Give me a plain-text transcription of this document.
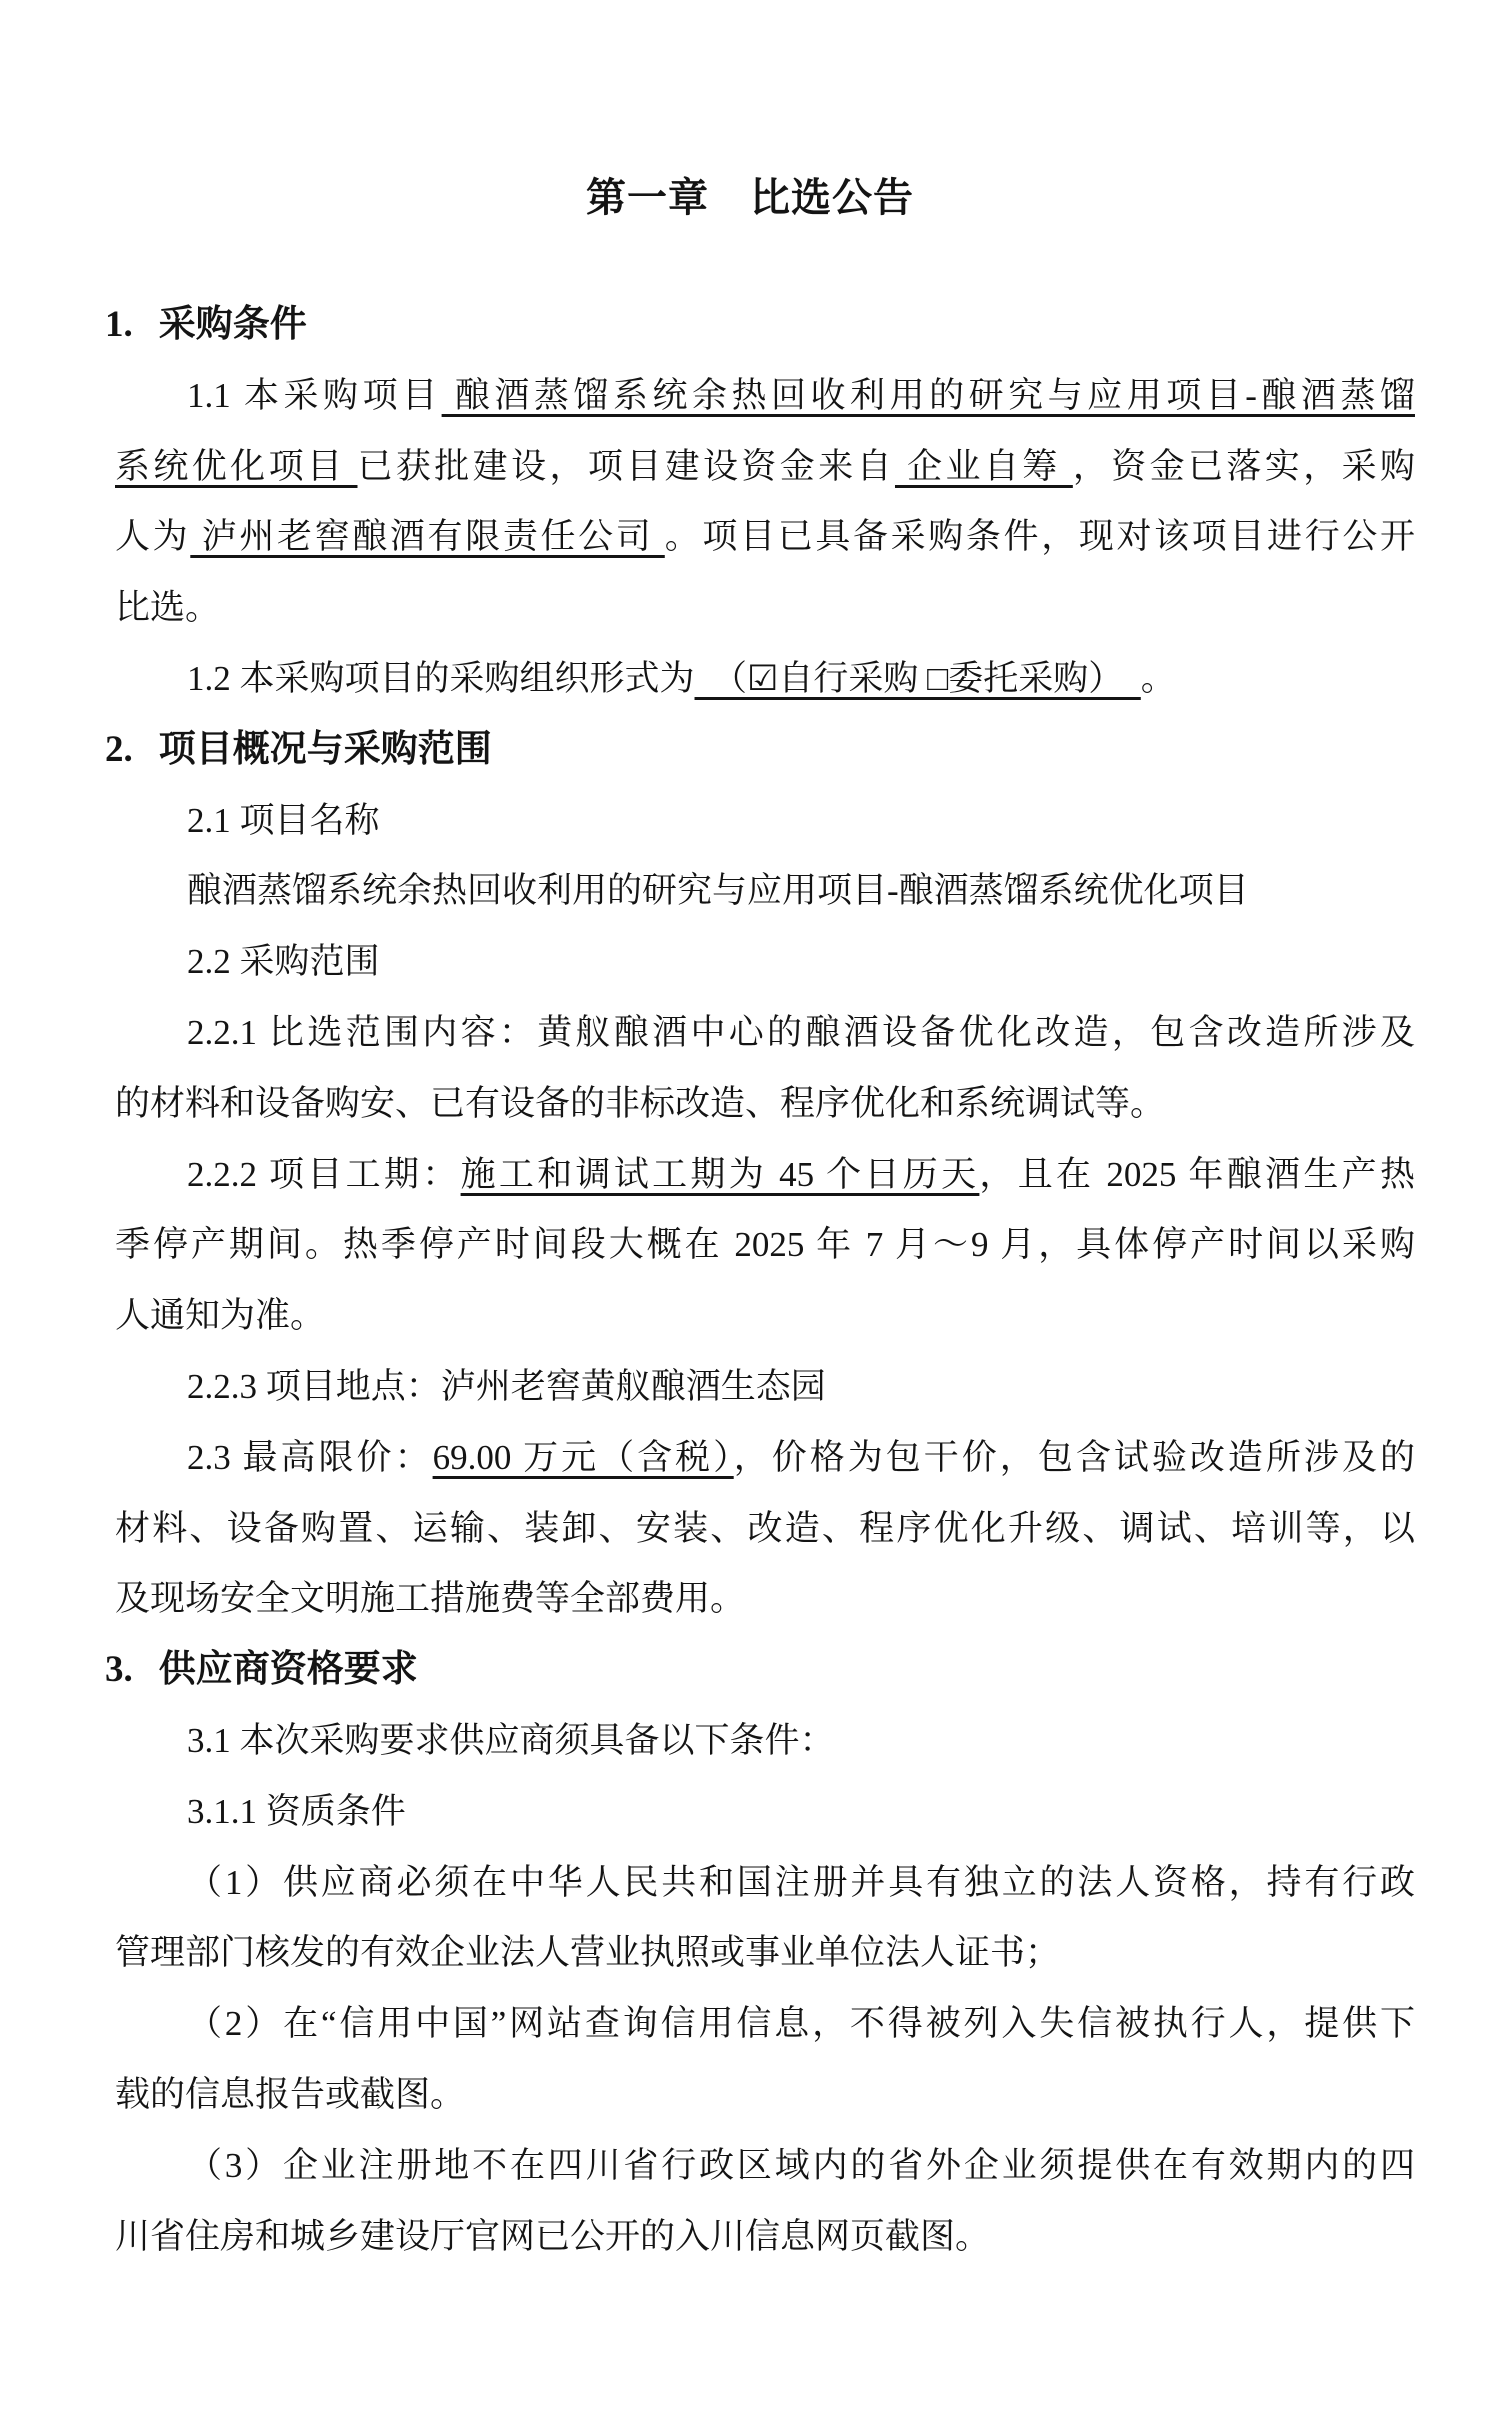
第一章　比选公告
1. 采购条件
1.1 本采购项目 酿酒蒸馏系统余热回收利用的研究与应用项目-酿酒蒸馏
系统优化项目 已获批建设，项目建设资金来自 企业自筹 ，资金已落实，采购
人为 泸州老窖酿酒有限责任公司 。项目已具备采购条件，现对该项目进行公开
比选。
1.2 本采购项目的采购组织形式为　（☑自行采购 □委托采购）　。
2. 项目概况与采购范围
2.1 项目名称
酿酒蒸馏系统余热回收利用的研究与应用项目-酿酒蒸馏系统优化项目
2.2 采购范围
2.2.1 比选范围内容：黄舣酿酒中心的酿酒设备优化改造，包含改造所涉及
的材料和设备购安、已有设备的非标改造、程序优化和系统调试等。
2.2.2 项目工期：施工和调试工期为 45 个日历天，且在 2025 年酿酒生产热
季停产期间。热季停产时间段大概在 2025 年 7 月～9 月，具体停产时间以采购
人通知为准。
2.2.3 项目地点：泸州老窖黄舣酿酒生态园
2.3 最高限价：69.00 万元（含税），价格为包干价，包含试验改造所涉及的
材料、设备购置、运输、装卸、安装、改造、程序优化升级、调试、培训等，以
及现场安全文明施工措施费等全部费用。
3. 供应商资格要求
3.1 本次采购要求供应商须具备以下条件：
3.1.1 资质条件
（1）供应商必须在中华人民共和国注册并具有独立的法人资格，持有行政
管理部门核发的有效企业法人营业执照或事业单位法人证书；
（2）在“信用中国”网站查询信用信息，不得被列入失信被执行人，提供下
载的信息报告或截图。
（3）企业注册地不在四川省行政区域内的省外企业须提供在有效期内的四
川省住房和城乡建设厅官网已公开的入川信息网页截图。
